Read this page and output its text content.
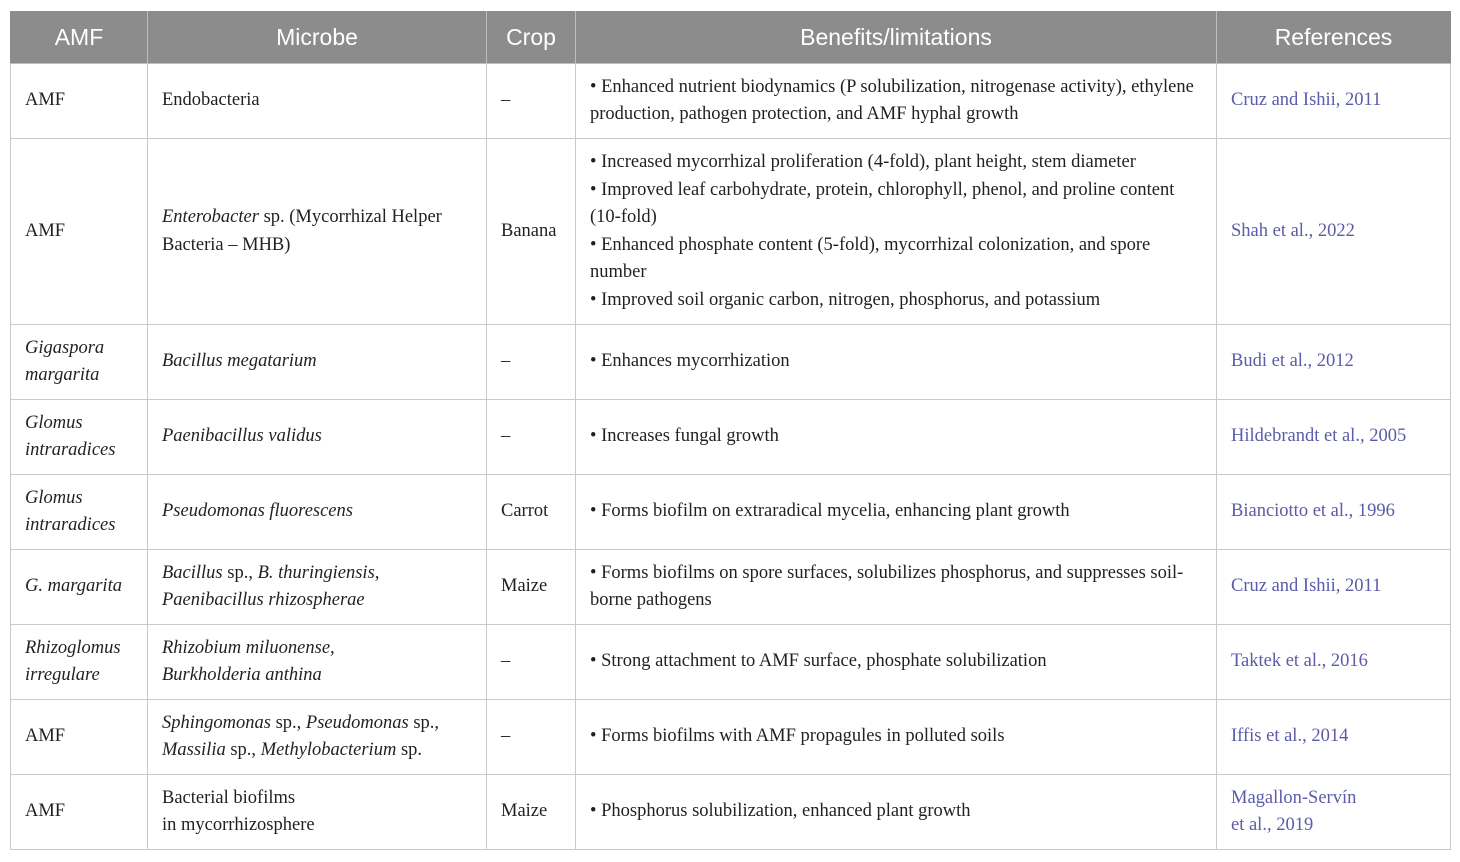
AMF	Microbe	Crop	Benefits/limitations	References

AMF	Endobacteria	–	• Enhanced nutrient biodynamics (P solubilization, nitrogenase activity), ethylene production, pathogen protection, and AMF hyphal growth	Cruz and Ishii, 2011

AMF	Enterobacter sp. (Mycorrhizal Helper Bacteria – MHB)	Banana	• Increased mycorrhizal proliferation (4-fold), plant height, stem diameter
• Improved leaf carbohydrate, protein, chlorophyll, phenol, and proline content (10-fold)
• Enhanced phosphate content (5-fold), mycorrhizal colonization, and spore number
• Improved soil organic carbon, nitrogen, phosphorus, and potassium	Shah et al., 2022

Gigaspora
margarita	Bacillus megatarium	–	• Enhances mycorrhization	Budi et al., 2012

Glomus
intraradices	Paenibacillus validus	–	• Increases fungal growth	Hildebrandt et al., 2005

Glomus
intraradices	Pseudomonas fluorescens	Carrot	• Forms biofilm on extraradical mycelia, enhancing plant growth	Bianciotto et al., 1996

G. margarita	Bacillus sp., B. thuringiensis,
Paenibacillus rhizospherae	Maize	• Forms biofilms on spore surfaces, solubilizes phosphorus, and suppresses soil-borne pathogens	Cruz and Ishii, 2011

Rhizoglomus
irregulare	Rhizobium miluonense,
Burkholderia anthina	–	• Strong attachment to AMF surface, phosphate solubilization	Taktek et al., 2016

AMF	Sphingomonas sp., Pseudomonas sp.,
Massilia sp., Methylobacterium sp.	–	• Forms biofilms with AMF propagules in polluted soils	Iffis et al., 2014

AMF	Bacterial biofilms
in mycorrhizosphere	Maize	• Phosphorus solubilization, enhanced plant growth	Magallon-Servín
et al., 2019
